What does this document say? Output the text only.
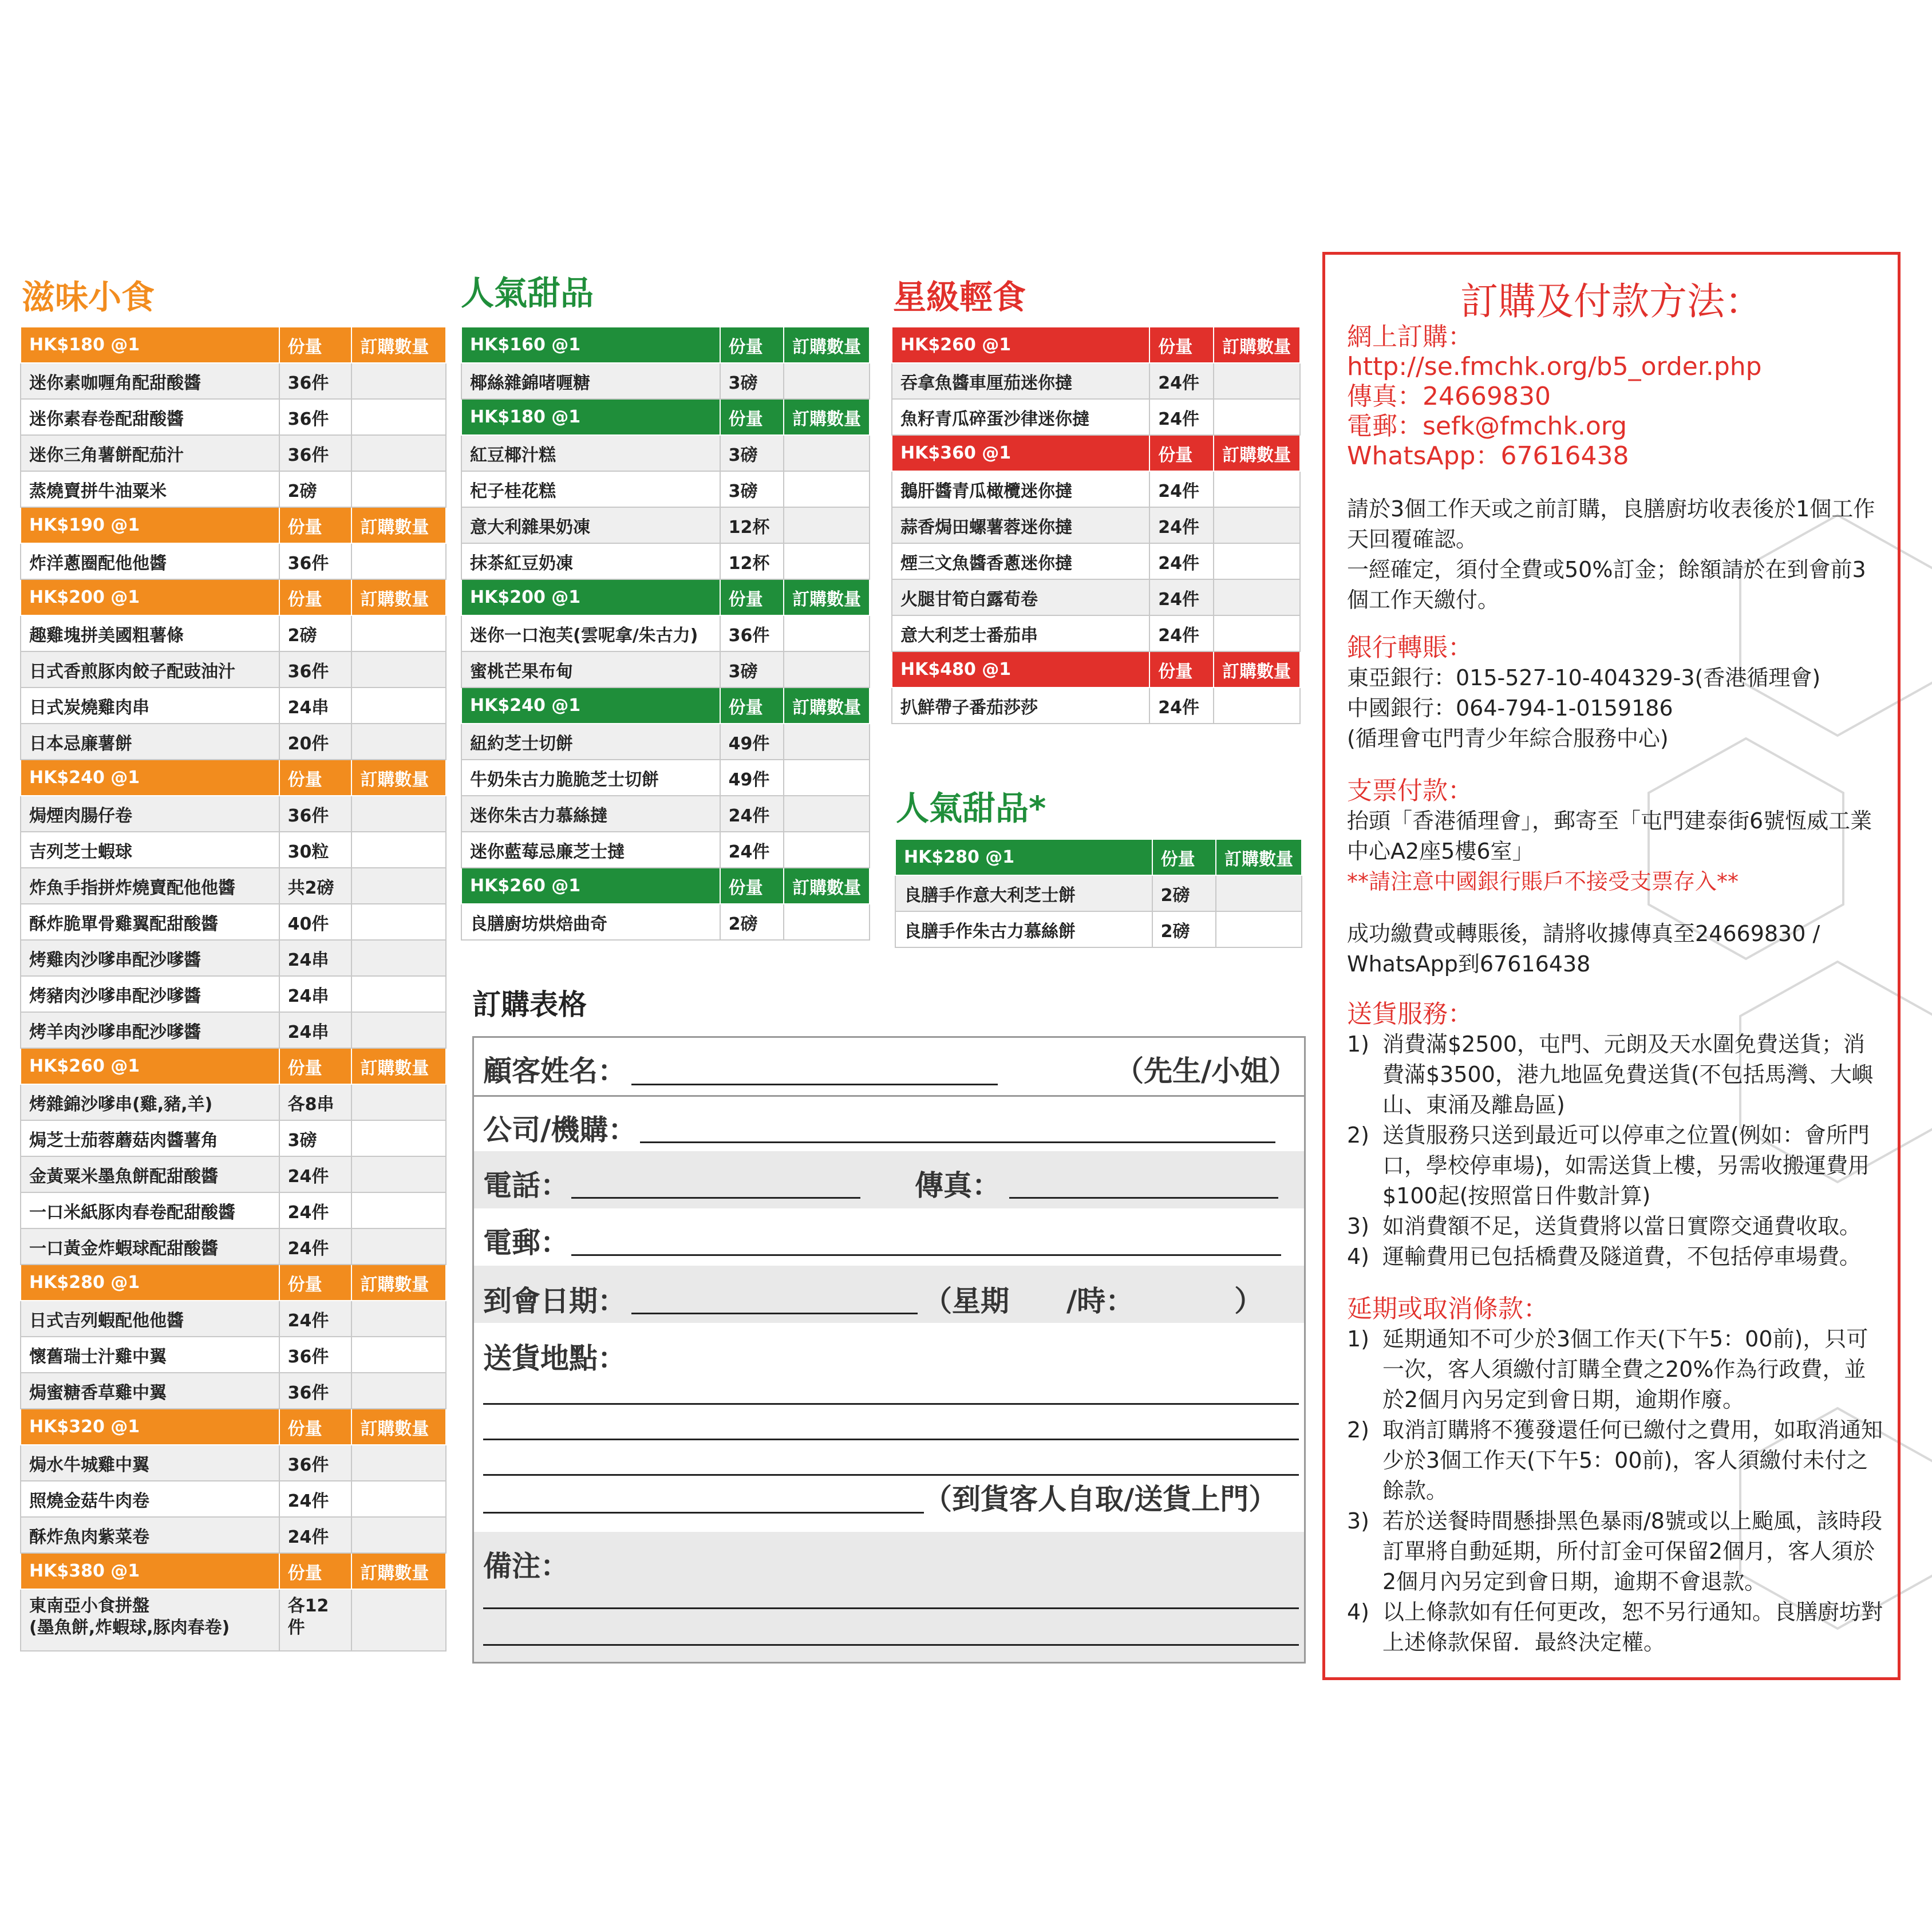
滋味小食
HK$180 @1	份量	訂購數量
迷你素咖喱角配甜酸醬	36件	
迷你素春卷配甜酸醬	36件	
迷你三角薯餅配茄汁	36件	
蒸燒賣拼牛油粟米	2磅	
HK$190 @1	份量	訂購數量
炸洋蔥圈配他他醬	36件	
HK$200 @1	份量	訂購數量
趣雞塊拼美國粗薯條	2磅	
日式香煎豚肉餃子配豉油汁	36件	
日式炭燒雞肉串	24串	
日本忌廉薯餅	20件	
HK$240 @1	份量	訂購數量
焗煙肉腸仔卷	36件	
吉列芝士蝦球	30粒	
炸魚手指拼炸燒賣配他他醬	共2磅	
酥炸脆單骨雞翼配甜酸醬	40件	
烤雞肉沙嗲串配沙嗲醬	24串	
烤豬肉沙嗲串配沙嗲醬	24串	
烤羊肉沙嗲串配沙嗲醬	24串	
HK$260 @1	份量	訂購數量
烤雜錦沙嗲串(雞,豬,羊)	各8串	
焗芝士茄蓉蘑菇肉醬薯角	3磅	
金黃粟米墨魚餅配甜酸醬	24件	
一口米紙豚肉春卷配甜酸醬	24件	
一口黃金炸蝦球配甜酸醬	24件	
HK$280 @1	份量	訂購數量
日式吉列蝦配他他醬	24件	
懷舊瑞士汁雞中翼	36件	
焗蜜糖香草雞中翼	36件	
HK$320 @1	份量	訂購數量
焗水牛城雞中翼	36件	
照燒金菇牛肉卷	24件	
酥炸魚肉紫菜卷	24件	
HK$380 @1	份量	訂購數量

東南亞小食拼盤
(墨魚餅,炸蝦球,豚肉春卷)	各12件	
人氣甜品
HK$160 @1	份量	訂購數量
椰絲雜錦啫喱糖	3磅	
HK$180 @1	份量	訂購數量
紅豆椰汁糕	3磅	
杞子桂花糕	3磅	
意大利雜果奶凍	12杯	
抹茶紅豆奶凍	12杯	
HK$200 @1	份量	訂購數量
迷你一口泡芙(雲呢拿/朱古力)	36件	
蜜桃芒果布甸	3磅	
HK$240 @1	份量	訂購數量
紐約芝士切餅	49件	
牛奶朱古力脆脆芝士切餅	49件	
迷你朱古力慕絲撻	24件	
迷你藍莓忌廉芝士撻	24件	
HK$260 @1	份量	訂購數量
良膳廚坊烘焙曲奇	2磅	
星級輕食
HK$260 @1	份量	訂購數量
吞拿魚醬車厘茄迷你撻	24件	
魚籽青瓜碎蛋沙律迷你撻	24件	
HK$360 @1	份量	訂購數量
鵝肝醬青瓜橄欖迷你撻	24件	
蒜香焗田螺薯蓉迷你撻	24件	
煙三文魚醬香蔥迷你撻	24件	
火腿甘筍白露荀卷	24件	
意大利芝士番茄串	24件	
HK$480 @1	份量	訂購數量
扒鮮帶子番茄莎莎	24件	
人氣甜品*
HK$280 @1	份量	訂購數量
良膳手作意大利芝士餅	2磅	
良膳手作朱古力慕絲餅	2磅	
訂購表格
顧客姓名：	（先生/小姐）
公司/機購：
電話：	傳真：
電郵：
到會日期：	（星期　　/時：　　　　）
送貨地點：
（到貨客人自取/送貨上門）
備注：
訂購及付款方法：
網上訂購：
http://se.fmchk.org/b5_order.php
傳真：24669830
電郵：sefk@fmchk.org
WhatsApp：67616438
請於3個工作天或之前訂購，良膳廚坊收表後於1個工作天回覆確認。
一經確定，須付全費或50%訂金；餘額請於在到會前3個工作天繳付。
銀行轉賬：
東亞銀行：015-527-10-404329-3(香港循理會)
中國銀行：064-794-1-0159186
(循理會屯門青少年綜合服務中心)
支票付款：
抬頭「香港循理會」，郵寄至「屯門建泰街6號恆威工業中心A2座5樓6室」
**請注意中國銀行賬戶不接受支票存入**
成功繳費或轉賬後，請將收據傳真至24669830 / WhatsApp到67616438
送貨服務：
1) 消費滿$2500，屯門、元朗及天水圍免費送貨；消費滿$3500，港九地區免費送貨(不包括馬灣、大嶼山、東涌及離島區)
2) 送貨服務只送到最近可以停車之位置(例如：會所門口，學校停車場)，如需送貨上樓，另需收搬運費用$100起(按照當日件數計算)
3) 如消費額不足，送貨費將以當日實際交通費收取。
4) 運輸費用已包括橋費及隧道費，不包括停車場費。
延期或取消條款：
1) 延期通知不可少於3個工作天(下午5：00前)，只可一次，客人須繳付訂購全費之20%作為行政費，並於2個月內另定到會日期，逾期作廢。
2) 取消訂購將不獲發還任何已繳付之費用，如取消通知少於3個工作天(下午5：00前)，客人須繳付未付之餘款。
3) 若於送餐時間懸掛黑色暴雨/8號或以上颱風，該時段訂單將自動延期，所付訂金可保留2個月，客人須於2個月內另定到會日期，逾期不會退款。
4) 以上條款如有任何更改，恕不另行通知。良膳廚坊對上述條款保留．最終決定權。
